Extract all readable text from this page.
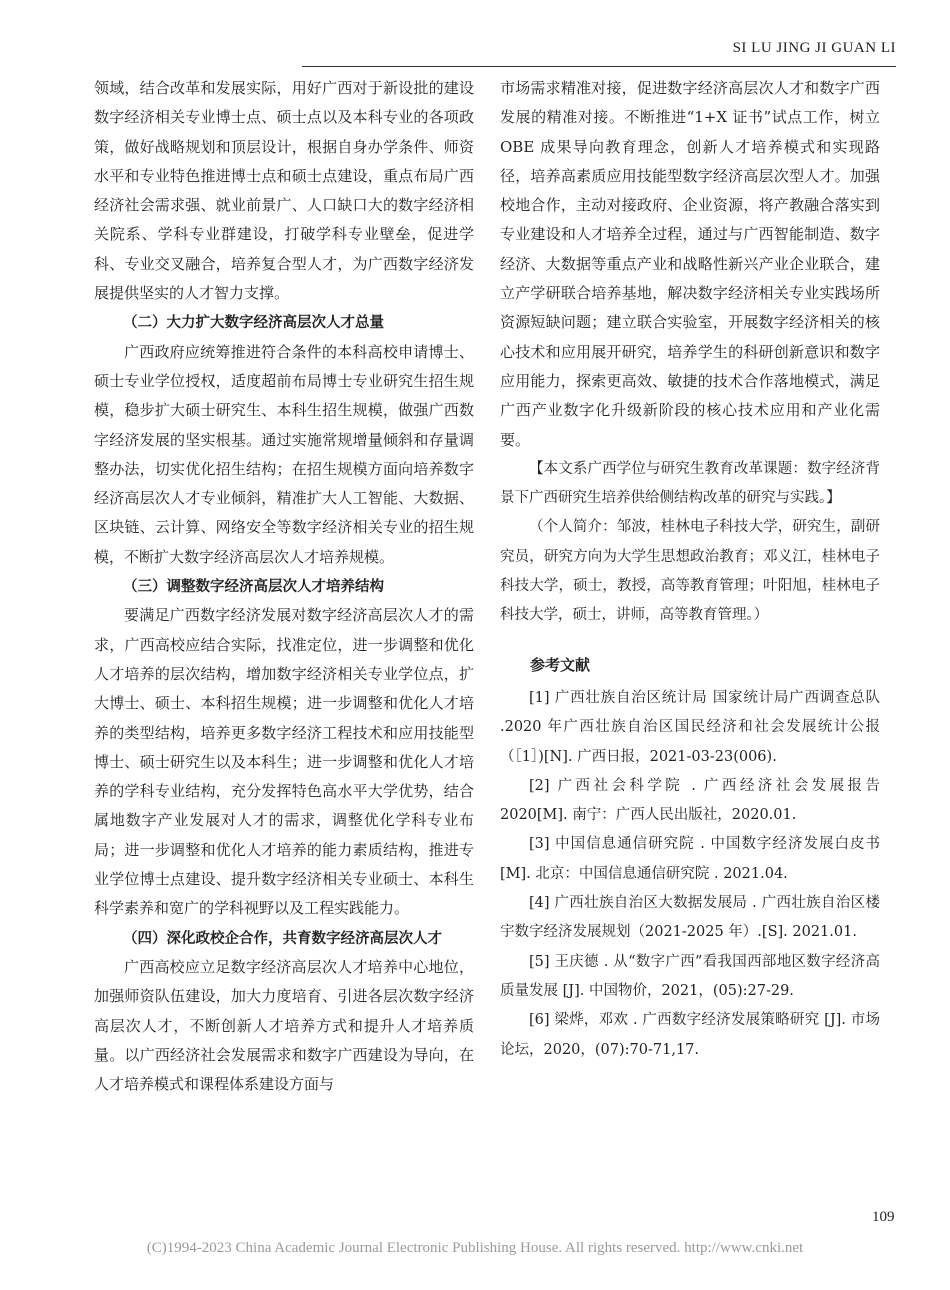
SI LU JING JI GUAN LI

领域，结合改革和发展实际，用好广西对于新设批的建设数字经济相关专业博士点、硕士点以及本科专业的各项政策，做好战略规划和顶层设计，根据自身办学条件、师资水平和专业特色推进博士点和硕士点建设，重点布局广西经济社会需求强、就业前景广、人口缺口大的数字经济相关院系、学科专业群建设，打破学科专业壁垒，促进学科、专业交叉融合，培养复合型人才，为广西数字经济发展提供坚实的人才智力支撑。

（二）大力扩大数字经济高层次人才总量

广西政府应统筹推进符合条件的本科高校申请博士、硕士专业学位授权，适度超前布局博士专业研究生招生规模，稳步扩大硕士研究生、本科生招生规模，做强广西数字经济发展的坚实根基。通过实施常规增量倾斜和存量调整办法，切实优化招生结构；在招生规模方面向培养数字经济高层次人才专业倾斜，精准扩大人工智能、大数据、区块链、云计算、网络安全等数字经济相关专业的招生规模，不断扩大数字经济高层次人才培养规模。

（三）调整数字经济高层次人才培养结构

要满足广西数字经济发展对数字经济高层次人才的需求，广西高校应结合实际，找准定位，进一步调整和优化人才培养的层次结构，增加数字经济相关专业学位点，扩大博士、硕士、本科招生规模；进一步调整和优化人才培养的类型结构，培养更多数字经济工程技术和应用技能型博士、硕士研究生以及本科生；进一步调整和优化人才培养的学科专业结构，充分发挥特色高水平大学优势，结合属地数字产业发展对人才的需求，调整优化学科专业布局；进一步调整和优化人才培养的能力素质结构，推进专业学位博士点建设、提升数字经济相关专业硕士、本科生科学素养和宽广的学科视野以及工程实践能力。

（四）深化政校企合作，共育数字经济高层次人才

广西高校应立足数字经济高层次人才培养中心地位，加强师资队伍建设，加大力度培育、引进各层次数字经济高层次人才，不断创新人才培养方式和提升人才培养质量。以广西经济社会发展需求和数字广西建设为导向，在人才培养模式和课程体系建设方面与

市场需求精准对接，促进数字经济高层次人才和数字广西发展的精准对接。不断推进“1+X 证书”试点工作，树立 OBE 成果导向教育理念，创新人才培养模式和实现路径，培养高素质应用技能型数字经济高层次型人才。加强校地合作，主动对接政府、企业资源，将产教融合落实到专业建设和人才培养全过程，通过与广西智能制造、数字经济、大数据等重点产业和战略性新兴产业企业联合，建立产学研联合培养基地，解决数字经济相关专业实践场所资源短缺问题；建立联合实验室，开展数字经济相关的核心技术和应用展开研究，培养学生的科研创新意识和数字应用能力，探索更高效、敏捷的技术合作落地模式，满足广西产业数字化升级新阶段的核心技术应用和产业化需要。

【本文系广西学位与研究生教育改革课题：数字经济背景下广西研究生培养供给侧结构改革的研究与实践。】

（个人简介：邹波，桂林电子科技大学，研究生，副研究员，研究方向为大学生思想政治教育；邓义江，桂林电子科技大学，硕士，教授，高等教育管理；叶阳旭，桂林电子科技大学，硕士，讲师，高等教育管理。）

参考文献

[1] 广西壮族自治区统计局 国家统计局广西调查总队 .2020 年广西壮族自治区国民经济和社会发展统计公报（［1］)[N]. 广西日报，2021-03-23(006).

[2] 广西社会科学院 . 广西经济社会发展报告 2020[M]. 南宁：广西人民出版社，2020.01.

[3] 中国信息通信研究院 . 中国数字经济发展白皮书 [M]. 北京：中国信息通信研究院 . 2021.04.

[4] 广西壮族自治区大数据发展局 . 广西壮族自治区楼宇数字经济发展规划（2021-2025 年）.[S]. 2021.01.

[5] 王庆德 . 从“数字广西”看我国西部地区数字经济高质量发展 [J]. 中国物价，2021，(05):27-29.

[6] 梁烨，邓欢 . 广西数字经济发展策略研究 [J]. 市场论坛，2020，(07):70-71,17.

109
(C)1994-2023 China Academic Journal Electronic Publishing House. All rights reserved. http://www.cnki.net
